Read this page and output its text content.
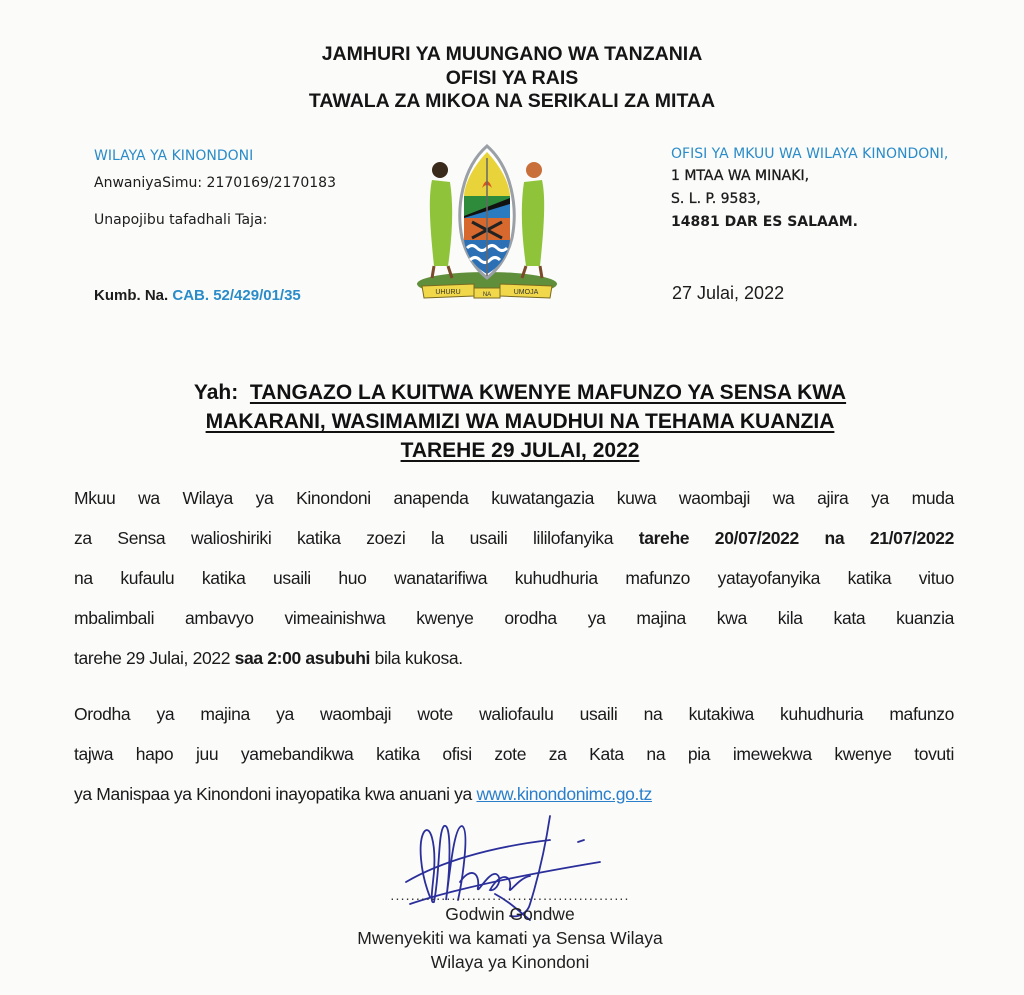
JAMHURI YA MUUNGANO WA TANZANIA
OFISI YA RAIS
TAWALA ZA MIKOA NA SERIKALI ZA MITAA
WILAYA YA KINONDONI
AnwaniyaSimu: 2170169/2170183
Unapojibu tafadhali Taja:
Kumb. Na. CAB. 52/429/01/35	UHURU	NA	UMOJA
OFISI YA MKUU WA WILAYA KINONDONI,
1 MTAA WA MINAKI,
S. L. P. 9583,
14881 DAR ES SALAAM.
27 Julai, 2022
Yah: TANGAZO LA KUITWA KWENYE MAFUNZO YA SENSA KWA
MAKARANI, WASIMAMIZI WA MAUDHUI NA TEHAMA KUANZIA
TAREHE 29 JULAI, 2022
Mkuu wa Wilaya ya Kinondoni anapenda kuwatangazia kuwa waombaji wa ajira ya muda
za Sensa walioshiriki katika zoezi la usaili lililofanyika tarehe 20/07/2022 na 21/07/2022
na kufaulu katika usaili huo wanatarifiwa kuhudhuria mafunzo yatayofanyika katika vituo
mbalimbali ambavyo vimeainishwa kwenye orodha ya majina kwa kila kata kuanzia
tarehe 29 Julai, 2022 saa 2:00 asubuhi bila kukosa.
Orodha ya majina ya waombaji wote waliofaulu usaili na kutakiwa kuhudhuria mafunzo
tajwa hapo juu yamebandikwa katika ofisi zote za Kata na pia imewekwa kwenye tovuti
ya Manispaa ya Kinondoni inayopatika kwa anuani ya www.kinondonimc.go.tz
...............................................
Godwin Gondwe
Mwenyekiti wa kamati ya Sensa Wilaya
Wilaya ya Kinondoni
